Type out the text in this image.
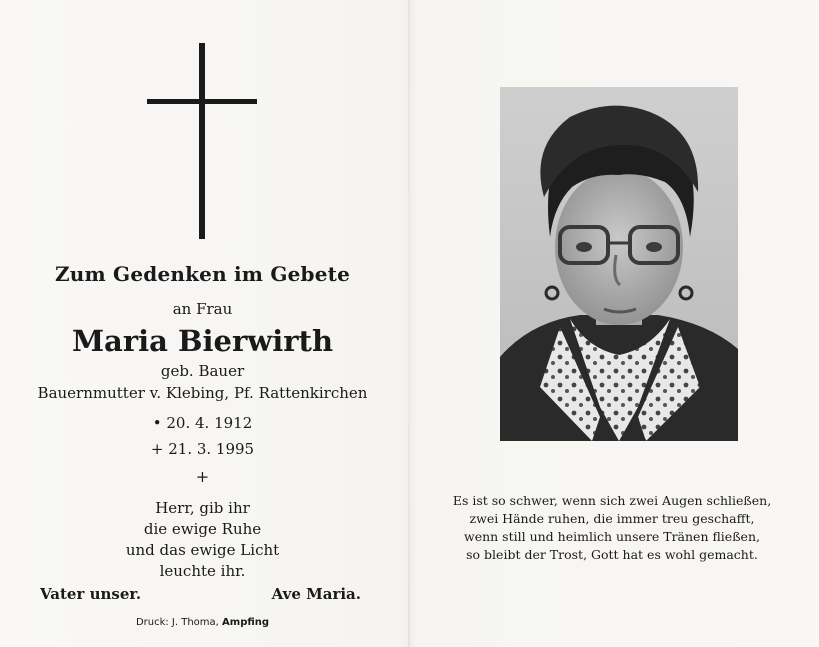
Zum Gedenken im Gebete
an Frau
Maria Bierwirth
geb. Bauer
Bauernmutter v. Klebing, Pf. Rattenkirchen
• 20. 4. 1912
+ 21. 3. 1995
+
Herr, gib ihr
die ewige Ruhe
und das ewige Licht
leuchte ihr.
Vater unser.	Ave Maria.
Druck: J. Thoma, Ampfing
Es ist so schwer, wenn sich zwei Augen schließen,
zwei Hände ruhen, die immer treu geschafft,
wenn still und heimlich unsere Tränen fließen,
so bleibt der Trost, Gott hat es wohl gemacht.
